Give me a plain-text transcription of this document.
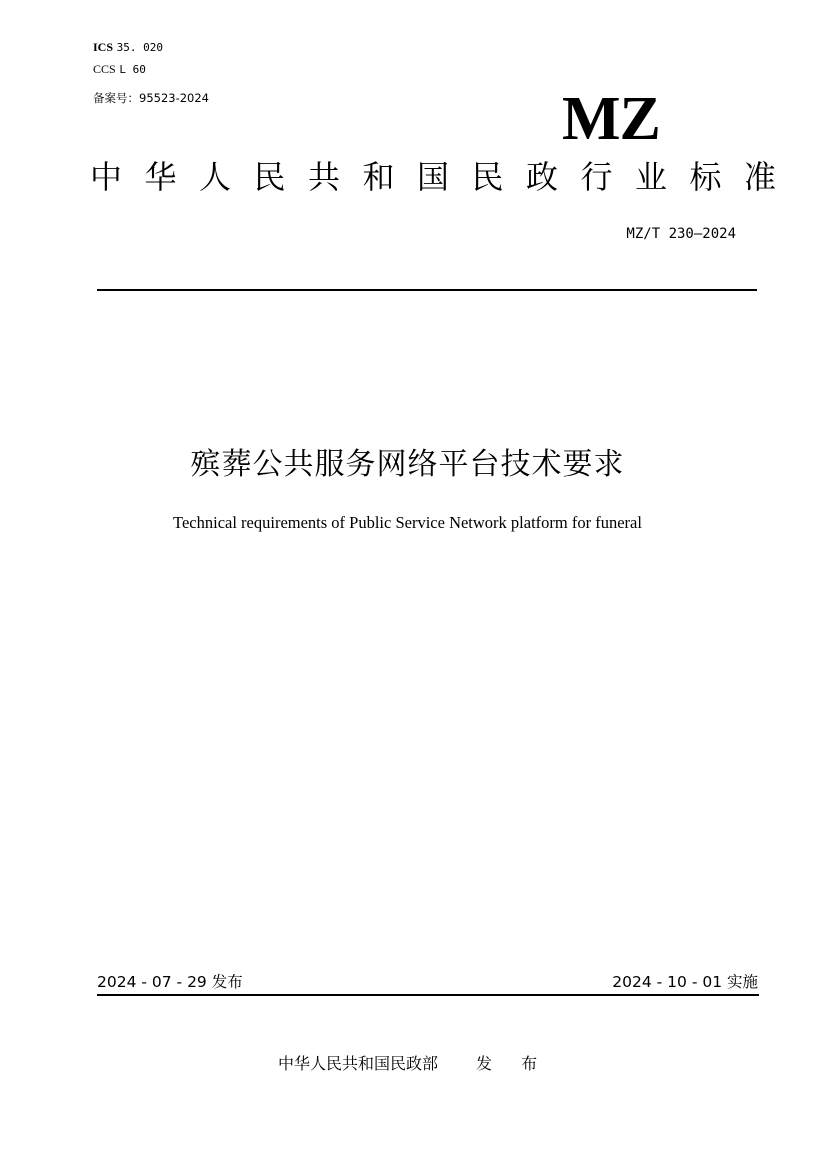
ICS 35. 020
CCS L 60
备案号：95523-2024	MZ
中华人民共和国民政行业标准
MZ/T 230—2024
殡葬公共服务网络平台技术要求
Technical requirements of Public Service Network platform for funeral
2024 - 07 - 29 发布	2024 - 10 - 01 实施
中华人民共和国民政部 发 布
